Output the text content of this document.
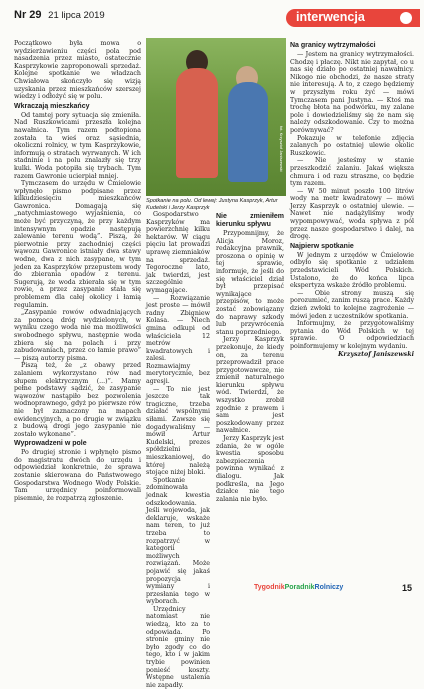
Nr 29 21 lipca 2019	interwencja

Początkowo była mowa o wydzierżawieniu części pola pod nasadzenia przez miasto, ostatecznie Kasprzykowie zaproponowali sprzedaż. Kolejne spotkanie we władzach Chwiałowa skończyło się wizją uzyskania przez mieszkańców szerszej wiedzy i odłożyć się w polu.

Wkraczają mieszkańcy

Od tamtej pory sytuacja się zmieniła. Nad Ruszkowicami przeszła kolejna nawałnica. Tym razem podtopiona została ta wieś oraz sąsiednia, okoliczni rolnicy, w tym Kasprzykowie, informują o stratach wyrwanych. W ich stadninie i na polu znalazły się trzy kulki. Woda potopiła się trybach. Tym razem Gawronie ucierpiał mniej.

Tymczasem do urzędu w Ćmielowie wpłynęło pismo podpisane przez kilkudziesięciu mieszkańców Gawronica. Domagają się „natychmiastowego wyjaśnienia, co może być przyczyną, że przy każdym intensywnym opadzie następują zalewanie terenu wodą”. Piszą, że pierwotnie przy zachodniej części wąwozu Gawronice istniały dwa stawy wodne, dwa z nich zasypane, w tym jeden za Kasprzyków przepustem wody do zbierania opadów z terenu. Sugerują, że woda zbierała się w tym rowie, a przez zasypanie stała się problemem dla całej okolicy i łamią regulamin.

„Zasypanie rowów odwadniających za pomocą dróg wydzielonych, w wyniku czego woda nie ma możliwości swobodnego spływu, następnie woda zbiera się na polach i przy zabudowaniach, przez co łamie prawo” — piszą autorzy pisma.

Piszą też, że „z obawy przed zalaniem wykorzystano rów nad słupem elektrycznym (...)”. Mamy pełne podstawy sądzić, że zasypanie wąwozów nastąpiło bez pozwolenia wodnoprawnego, gdyż po pierwsze rów nie był zaznaczony na mapach ewidencyjnych, a po drugie w związku z budową drogi jego zasypanie nie zostało wykonane”.

Wyprowadzeni w pole

Po drugiej stronie i wpłynęło pismo do magistratu dwóch do urzędu i odpowiedział konkretnie, że sprawa zostanie skierowana do Państwowego Gospodarstwa Wodnego Wody Polskie. Tam urzędnicy poinformowali pisemnie, że rozpatrzą zgłoszenie.

fot. Krzysztof Janiszewski
Spotkanie na polu. Od lewej: Justyna Kasprzyk, Artur Kudelski i Jerzy Kasprzyk

Gospodarstwo Kasprzyków ma powierzchnię kilku hektarów. W ciągu pięciu lat prowadzi uprawę ziemniaków na sprzedaż. Tegoroczne lato, jak twierdzi, jest szczególnie wymagające.

— Rozwiązanie jest proste — mówił radny Zbigniew Kolasa. — Niech gmina odkupi od właściciela 12 metrów kwadratowych i zalesi. Rozmawiajmy merytorycznie, bez agresji.

— To nie jest jeszcze tak tragiczne, trzeba działać wspólnymi siłami. Zawsze się dogadywaliśmy — mówił Artur Kudelski, prezes spółdzielni mieszkaniowej, do której należą stojące niżej bloki.

Spotkanie zdominowała jednak kwestia odszkodowania. Jeśli wojewoda, jak deklaruje, wskaże nam teren, to już trzeba to rozpatrzyć w kategorii możliwych rozwiązań. Może pojawić się jakaś propozycja wymiany i przesłania tego w wyborach.

Urzędnicy natomiast nie wiedzą, kto za to odpowiada. Po stronie gminy nie było zgody co do tego, kto i w jakim trybie powinien ponieść koszty. Wstępne ustalenia nie zapadły.

Nie zmieniłem kierunku spływu

Przypomnijmy, że Alicja Moroz, redakcyjna prawnik, proszona o opinię w tej sprawie, informuje, że jeśli do się właściciel dział był przepisać wynikające przepisów, to może zostać zobowiązany do naprawy szkody lub przywrócenia stanu poprzedniego.

Jerzy Kasprzyk przekonuje, że kiedy on, za terenu przeprowadził prace przygotowawcze, nie zmienił naturalnego kierunku spływu wód. Twierdzi, że wszystko zrobił zgodnie z prawem i sam jest poszkodowany przez nawałnice.

Jerzy Kasprzyk jest zdania, że w ogóle kwestia sposobu zabezpieczenia powinna wynikać z dialogu. Jak podkreśla, na Jego działce nie tego zalania nie było.

Na granicy wytrzymałości

— Jestem na granicy wytrzymałości. Chodzę i płaczę. Nikt nie zapytał, co u nas się działo po ostatniej nawałnicy. Nikogo nie obchodzi, że nasze straty nie interesują. A to, z czego będziemy w przyszłym roku żyć — mówi Tymczasem pani Justyna. — Ktoś ma trochę błota na podwórku, my zalane pole i dowiedzieliśmy się że nam się należy odszkodowanie. Czy to można porównywać?

Pokazuje w telefonie zdjęcia zalanych po ostatniej ulewie okolic Ruszkowic.

— Nie jesteśmy w stanie przeszkodzić zalaniu. Jakaś większa chmura i od razu straszne, co będzie tym razem.

— W 50 minut poszło 100 litrów wody na metr kwadratowy — mówi Jerzy Kasprzyk o ostatniej ulewie. — Nawet nie nadążyliśmy wody wypompowywać, woda spływa z pól przez nasze gospodarstwo i dalej, na drogę.

Najpierw spotkanie

W jednym z urzędów w Ćmielowie odbyło się spotkanie z udziałem przedstawicieli Wód Polskich. Ustalono, że do końca lipca ekspertyza wskaże źródło problemu.

— Obie strony muszą się porozumieć, zanim ruszą prace. Każdy dzień zwłoki to kolejne zagrożenie — mówi jeden z uczestników spotkania.

Informujmy, że przygotowaliśmy pytania do Wód Polskich w tej sprawie. O odpowiedziach poinformujemy w kolejnym wydaniu.

Krzysztof Janiszewski

TygodnikPoradnikRolniczy	15
